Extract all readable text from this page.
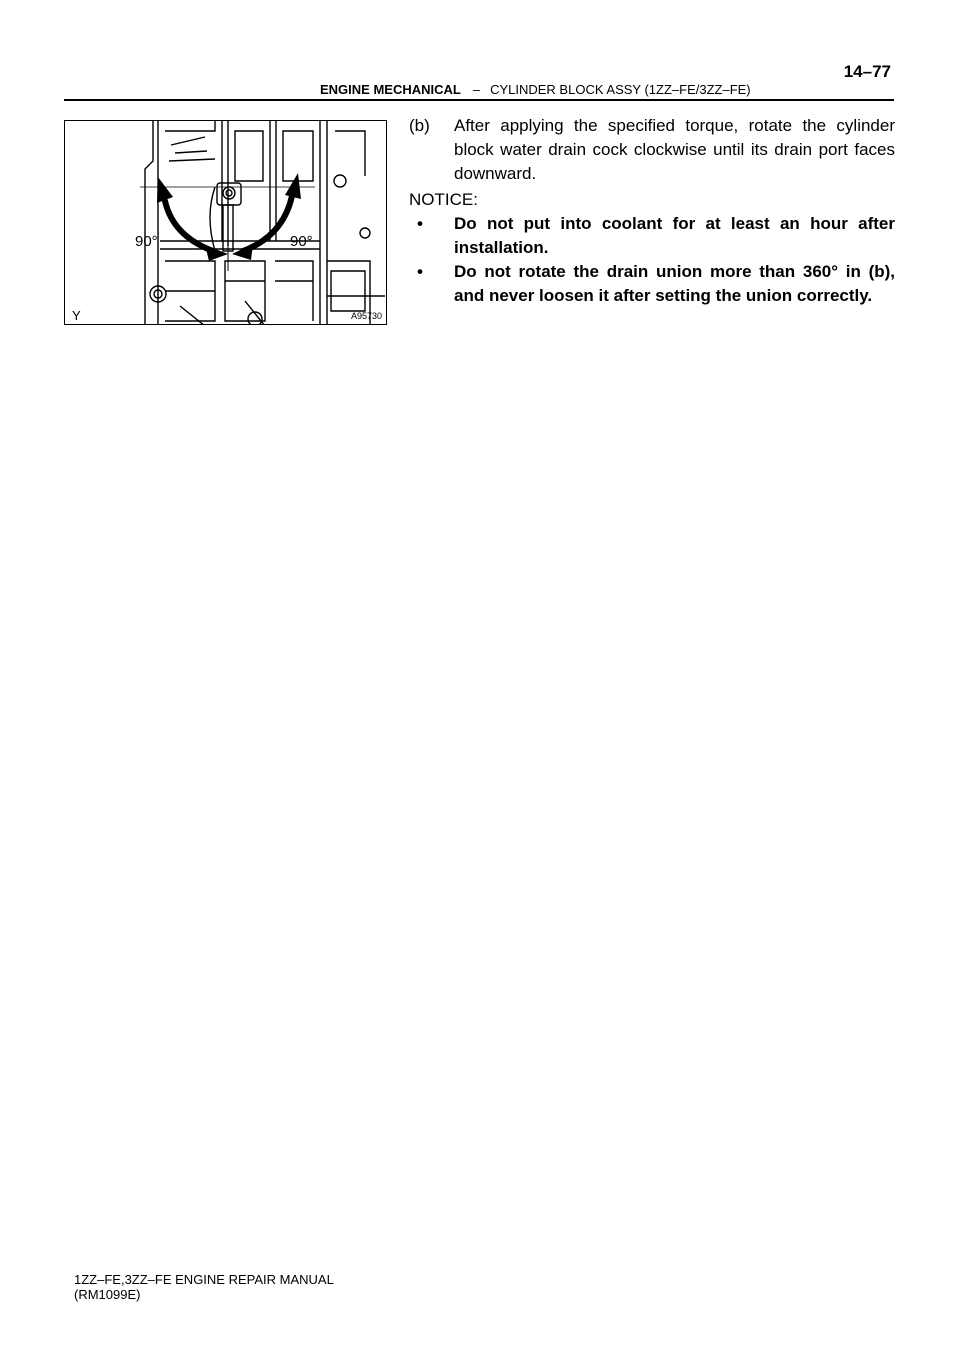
14–77
ENGINE MECHANICAL – CYLINDER BLOCK ASSY (1ZZ–FE/3ZZ–FE)
90°	90°
A95730
Y
(b)	After applying the specified torque, rotate the cylinder block water drain cock clockwise until its drain port faces downward.
NOTICE:
•	Do not put into coolant for at least an hour after installation.
•	Do not rotate the drain union more than 360° in (b), and never loosen it after setting the union correctly.
1ZZ–FE,3ZZ–FE ENGINE REPAIR MANUAL
(RM1099E)
